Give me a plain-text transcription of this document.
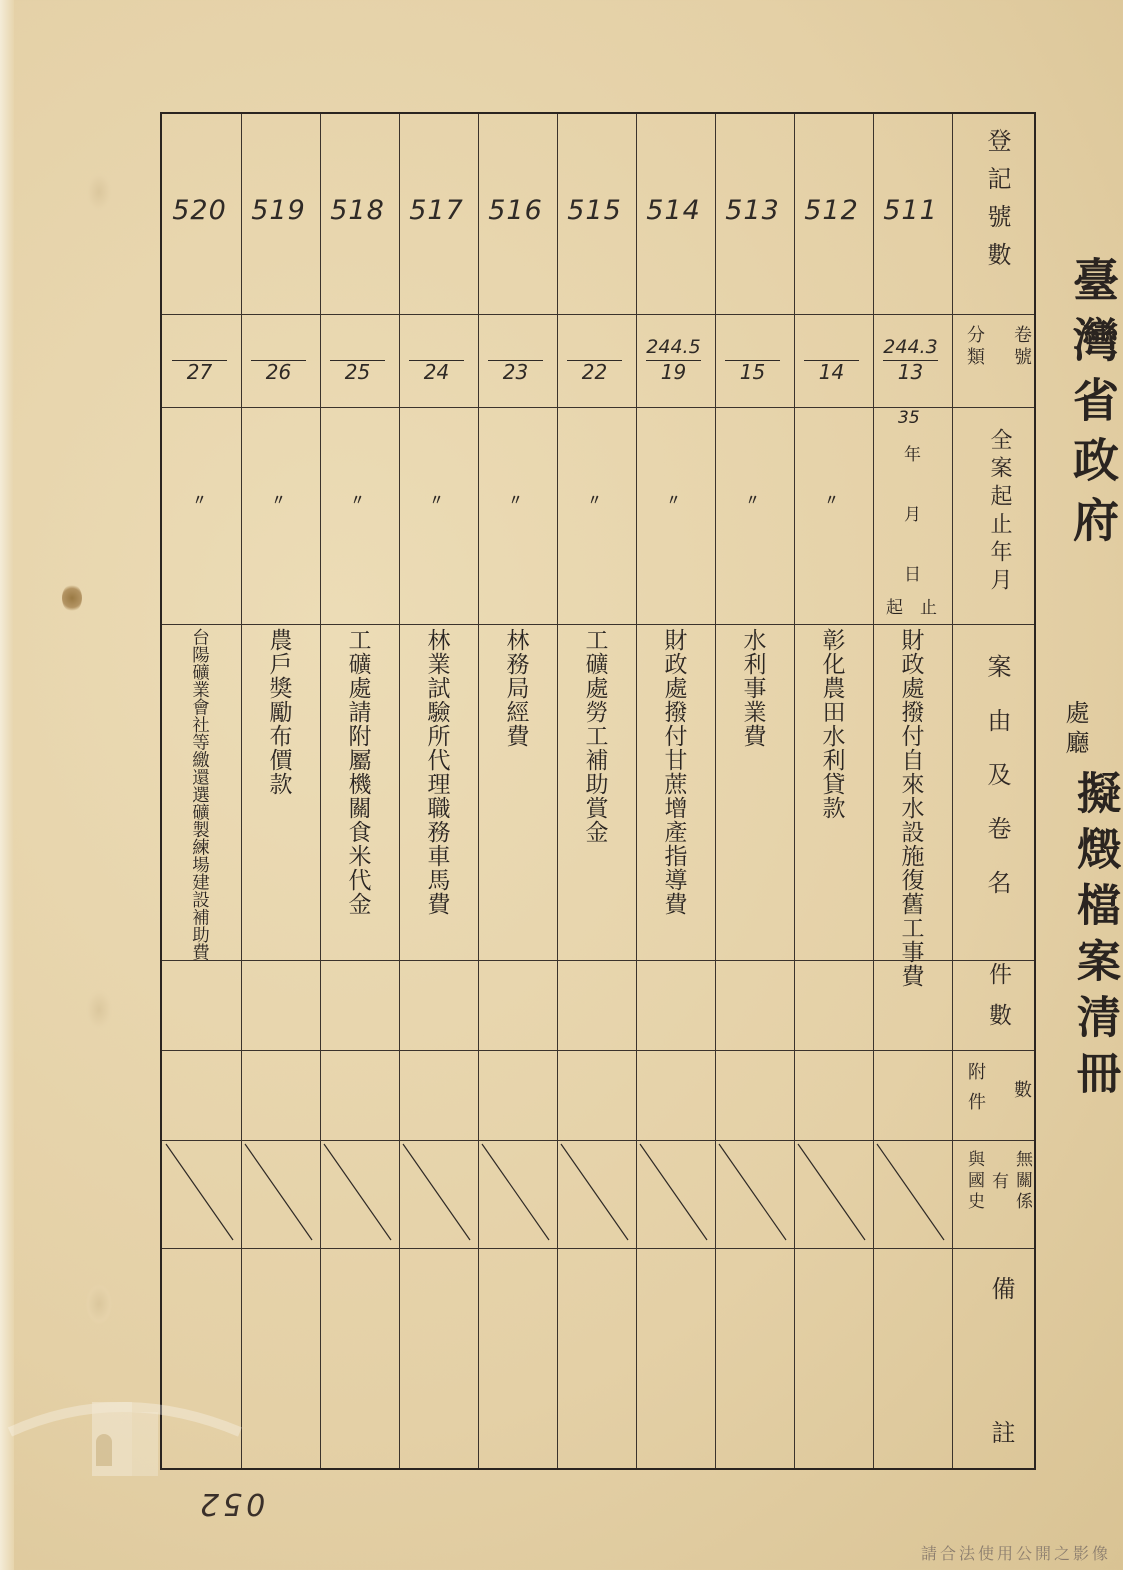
臺灣省政府
處廳
擬燬檔案清冊
登記號數
卷號
分類
全案起止年月
案由及卷名
件數
數
附件
無關係
有
與國史
備
註
35
年
月
日
起 止
511
244.3
13
財政處撥付自來水設施復舊工事費
512
14
〃
彰化農田水利貸款
513
15
〃
水利事業費
514
244.5
19
〃
財政處撥付甘蔗增產指導費
515
22
〃
工礦處勞工補助賞金
516
23
〃
林務局經費
517
24
〃
林業試驗所代理職務車馬費
518
25
〃
工礦處請附屬機關食米代金
519
26
〃
農戶獎勵布價款
520
27
〃
台陽礦業會社等繳還選礦製練場建設補助費
052
請合法使用公開之影像
